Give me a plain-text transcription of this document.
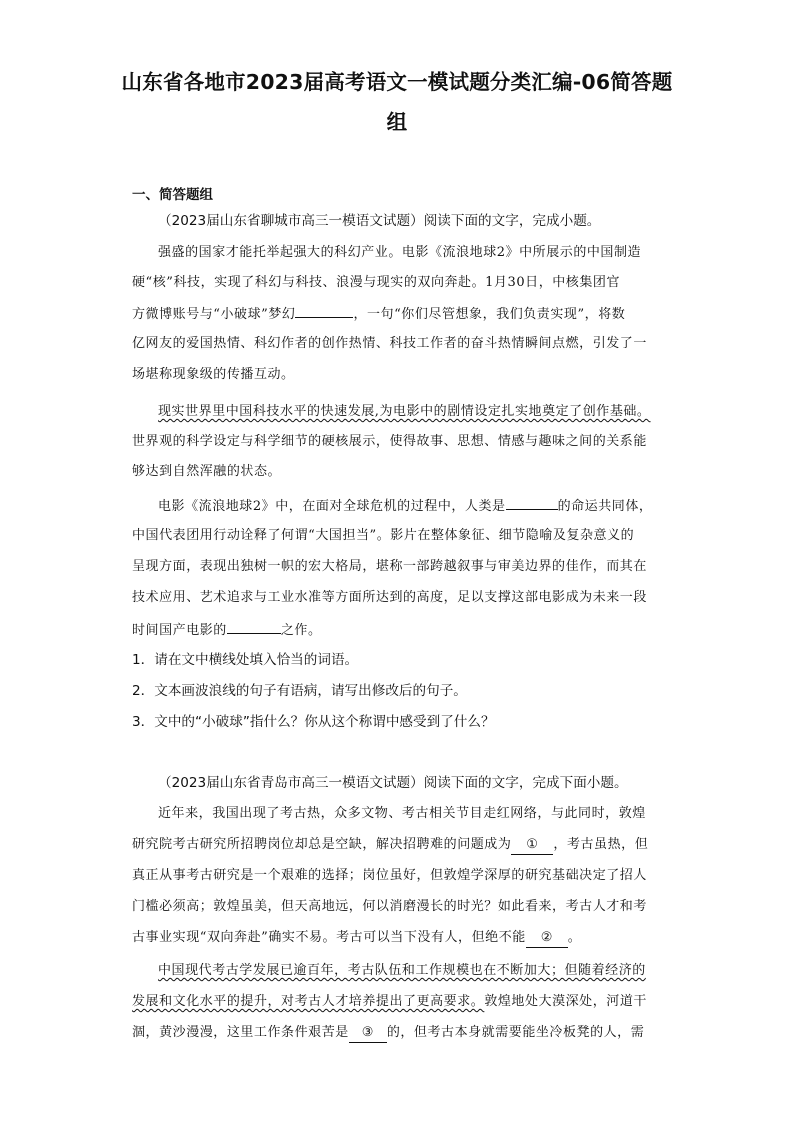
山东省各地市2023届高考语文一模试题分类汇编-06简答题
组
一、简答题组
（2023届山东省聊城市高三一模语文试题）阅读下面的文字，完成小题。
强盛的国家才能托举起强大的科幻产业。电影《流浪地球2》中所展示的中国制造
硬“核”科技，实现了科幻与科技、浪漫与现实的双向奔赴。1月30日，中核集团官
方微博账号与“小破球”梦幻	，一句“你们尽管想象，我们负责实现”，将数
亿网友的爱国热情、科幻作者的创作热情、科技工作者的奋斗热情瞬间点燃，引发了一
场堪称现象级的传播互动。
现实世界里中国科技水平的快速发展,为电影中的剧情设定扎实地奠定了创作基础。
世界观的科学设定与科学细节的硬核展示，使得故事、思想、情感与趣味之间的关系能
够达到自然浑融的状态。
电影《流浪地球2》中，在面对全球危机的过程中，人类是	的命运共同体，
中国代表团用行动诠释了何谓“大国担当”。影片在整体象征、细节隐喻及复杂意义的
呈现方面，表现出独树一帜的宏大格局，堪称一部跨越叙事与审美边界的佳作，而其在
技术应用、艺术追求与工业水准等方面所达到的高度，足以支撑这部电影成为未来一段
时间国产电影的	之作。
1．请在文中横线处填入恰当的词语。
2．文本画波浪线的句子有语病，请写出修改后的句子。
3．文中的“小破球”指什么？你从这个称谓中感受到了什么？
（2023届山东省青岛市高三一模语文试题）阅读下面的文字，完成下面小题。
近年来，我国出现了考古热，众多文物、考古相关节目走红网络，与此同时，敦煌
研究院考古研究所招聘岗位却总是空缺，解决招聘难的问题成为 ① ，考古虽热，但
真正从事考古研究是一个艰难的选择；岗位虽好，但敦煌学深厚的研究基础决定了招人
门槛必须高；敦煌虽美，但天高地远，何以消磨漫长的时光？如此看来，考古人才和考
古事业实现“双向奔赴”确实不易。考古可以当下没有人，但绝不能 ② 。
中国现代考古学发展已逾百年，考古队伍和工作规模也在不断加大；但随着经济的
发展和文化水平的提升，对考古人才培养提出了更高要求。敦煌地处大漠深处，河道干
涸，黄沙漫漫，这里工作条件艰苦是 ③ 的，但考古本身就需要能坐冷板凳的人，需
